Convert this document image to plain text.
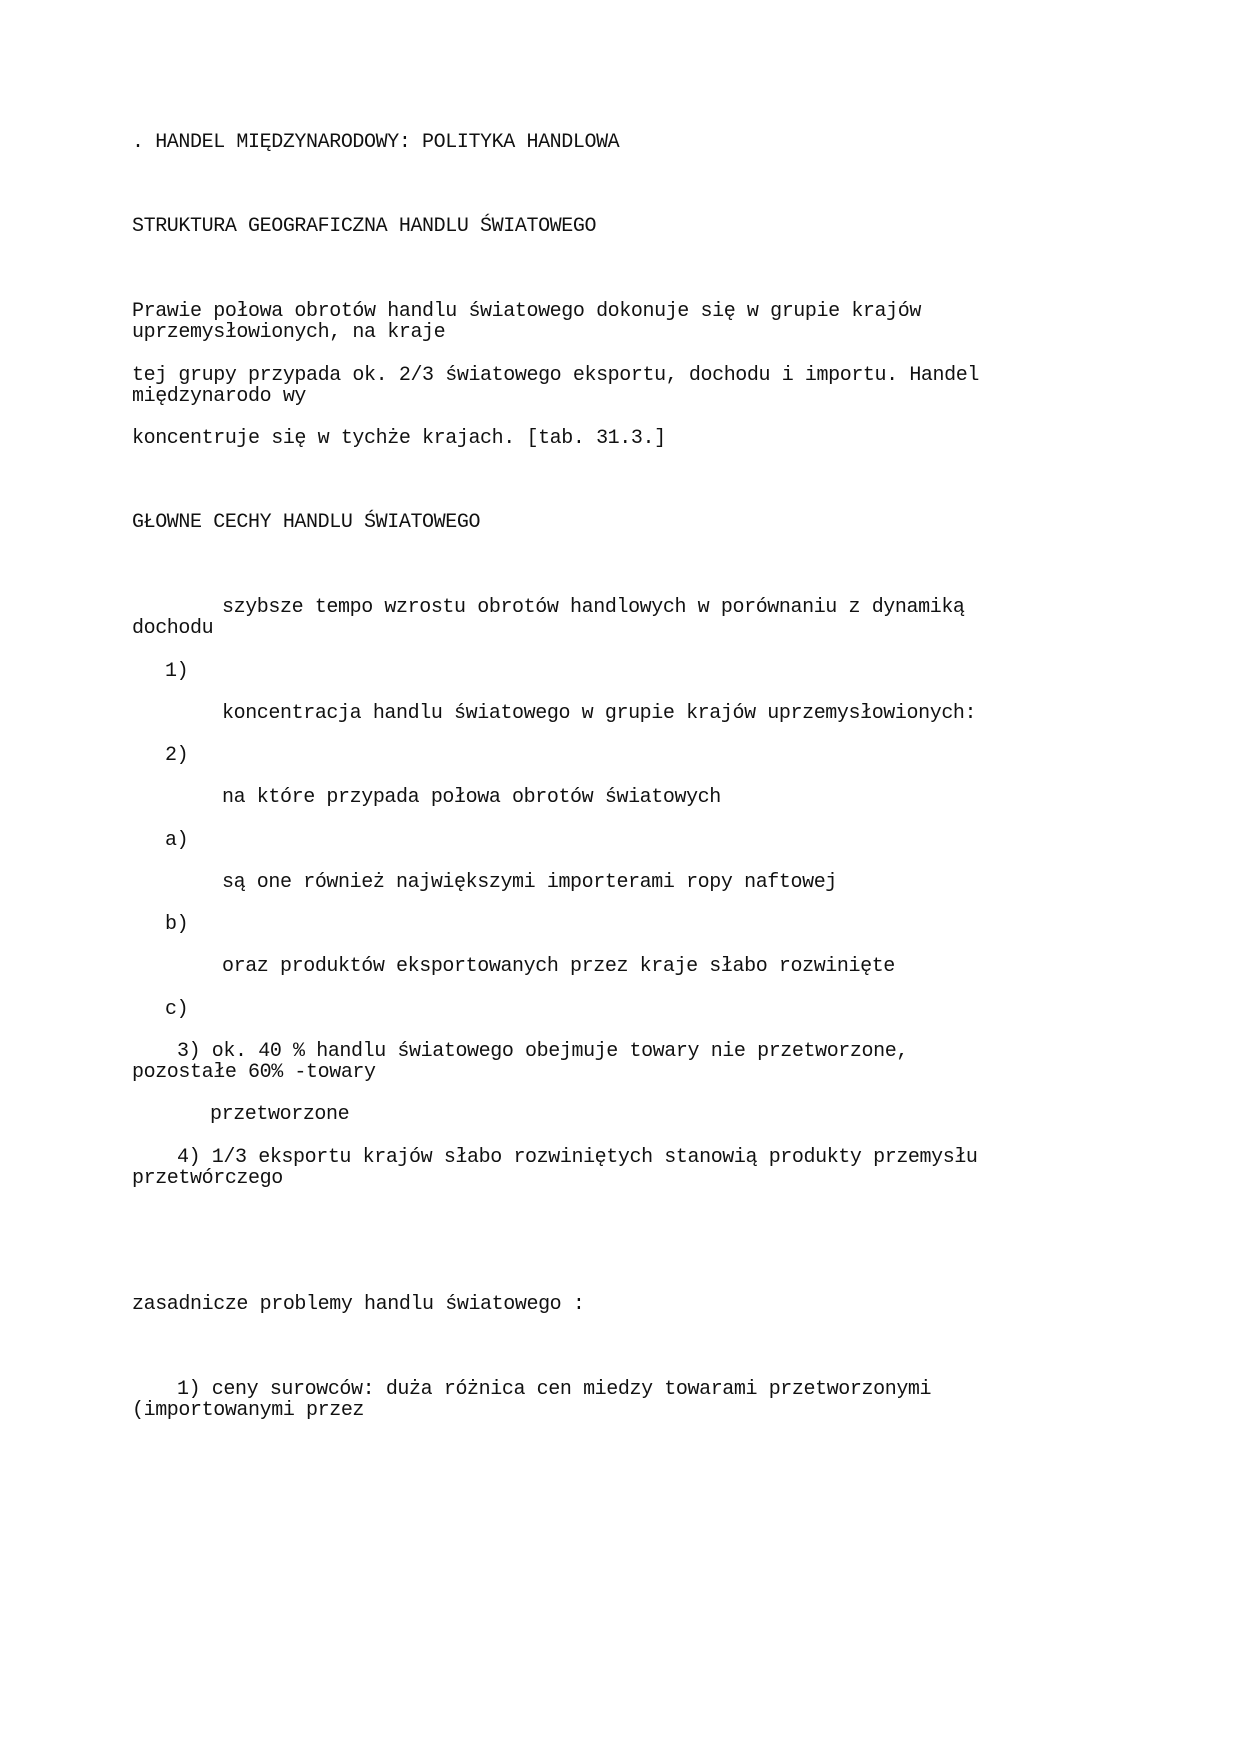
. HANDEL MIĘDZYNARODOWY: POLITYKA HANDLOWA
STRUKTURA GEOGRAFICZNA HANDLU ŚWIATOWEGO
Prawie połowa obrotów handlu światowego dokonuje się w grupie krajów
uprzemysłowionych, na kraje
tej grupy przypada ok. 2/3 światowego eksportu, dochodu i importu. Handel
międzynarodo wy
koncentruje się w tychże krajach. [tab. 31.3.]
GŁOWNE CECHY HANDLU ŚWIATOWEGO
szybsze tempo wzrostu obrotów handlowych w porównaniu z dynamiką
dochodu
1)
koncentracja handlu światowego w grupie krajów uprzemysłowionych:
2)
na które przypada połowa obrotów światowych
a)
są one również największymi importerami ropy naftowej
b)
oraz produktów eksportowanych przez kraje słabo rozwinięte
c)
3) ok. 40 % handlu światowego obejmuje towary nie przetworzone,
pozostałe 60% -towary
przetworzone
4) 1/3 eksportu krajów słabo rozwiniętych stanowią produkty przemysłu
przetwórczego
zasadnicze problemy handlu światowego :
1) ceny surowców: duża różnica cen miedzy towarami przetworzonymi
(importowanymi przez
